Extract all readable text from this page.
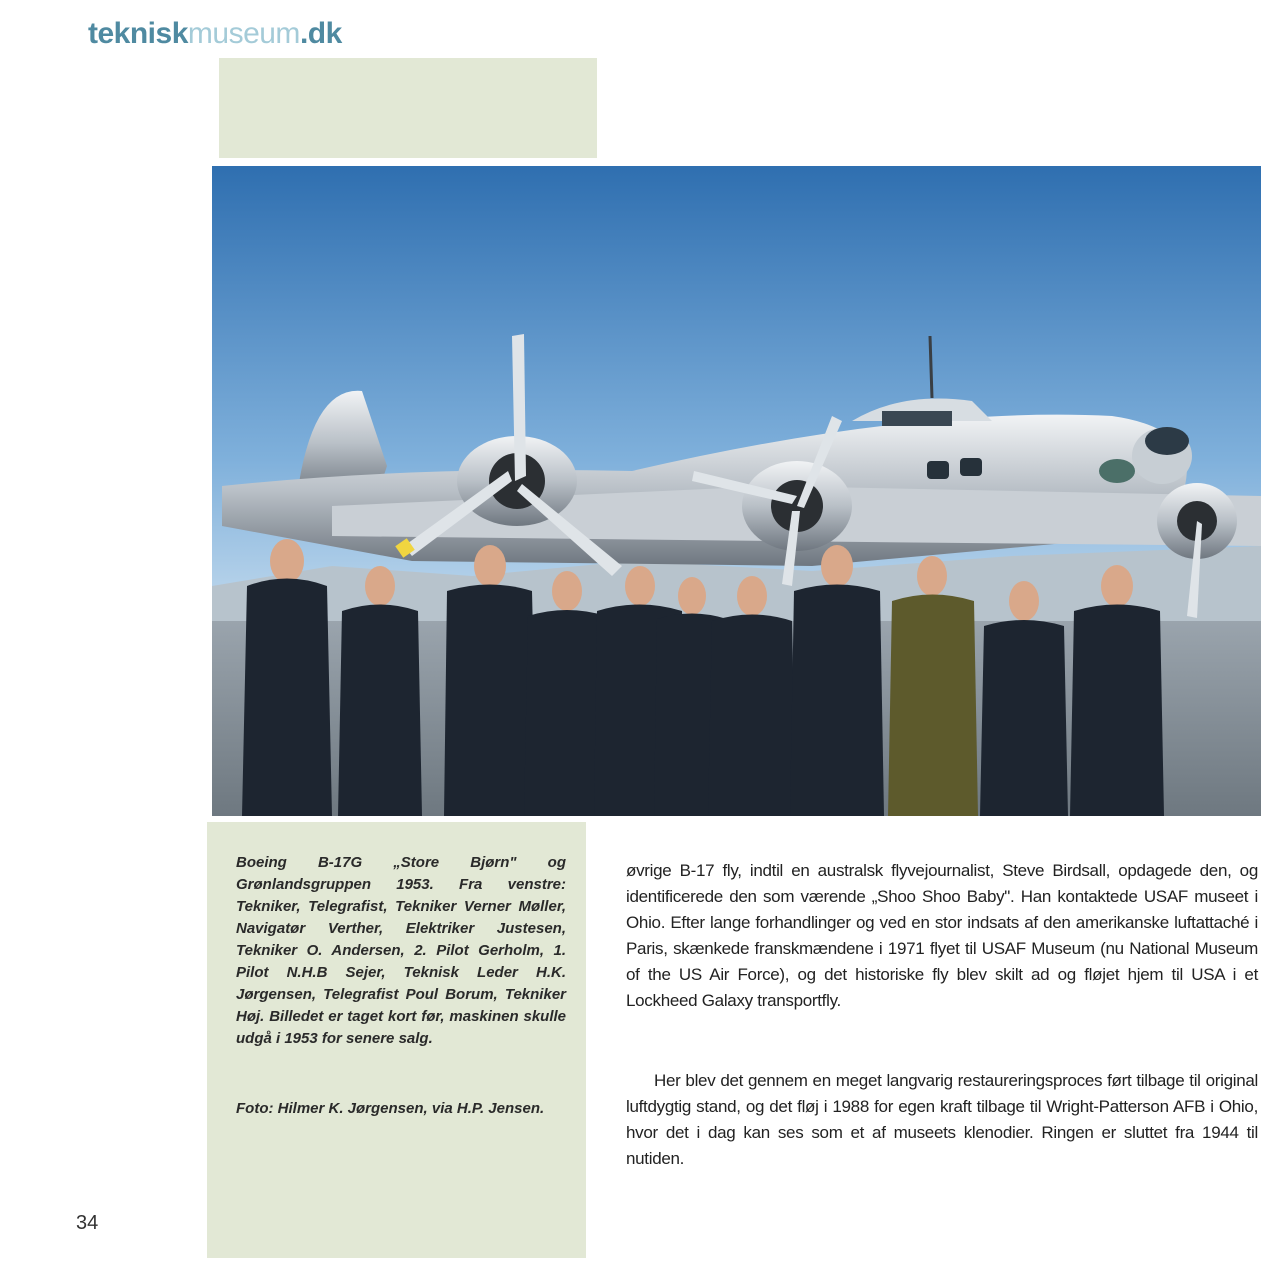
tekniskmuseum.dk

Boeing B-17G „Store Bjørn" og Grønlandsgruppen 1953. Fra venstre: Tekniker, Telegrafist, Tekniker Verner Møller, Navigatør Verther, Elektriker Justesen, Tekniker O. Andersen, 2. Pilot Gerholm, 1. Pilot N.H.B Sejer, Teknisk Leder H.K. Jørgensen, Telegrafist Poul Borum, Tekniker Høj. Billedet er taget kort før, maskinen skulle udgå i 1953 for senere salg.

Foto: Hilmer K. Jørgensen, via H.P. Jensen.

øvrige B-17 fly, indtil en australsk flyvejournalist, Steve Birdsall, opdagede den, og identificerede den som værende „Shoo Shoo Baby". Han kontaktede USAF museet i Ohio. Efter lange forhandlinger og ved en stor indsats af den amerikanske luftattaché i Paris, skænkede franskmændene i 1971 flyet til USAF Museum (nu National Museum of the US Air Force), og det historiske fly blev skilt ad og fløjet hjem til USA i et Lockheed Galaxy transportfly.

Her blev det gennem en meget langvarig restaureringsproces ført tilbage til original luftdygtig stand, og det fløj i 1988 for egen kraft tilbage til Wright-Patterson AFB i Ohio, hvor det i dag kan ses som et af museets klenodier. Ringen er sluttet fra 1944 til nutiden.

34
